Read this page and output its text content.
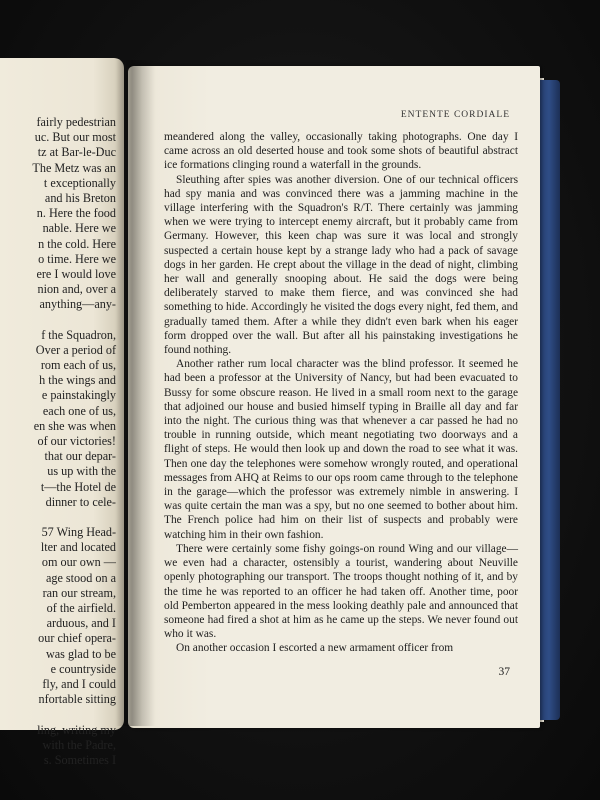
fairly pedestrian
uc. But our most
tz at Bar-le-Duc
The Metz was an
t exceptionally
and his Breton
n. Here the food
nable. Here we
n the cold. Here
o time. Here we
ere I would love
nion and, over a
anything—any-
f the Squadron,
Over a period of
rom each of us,
h the wings and
e painstakingly
each one of us,
en she was when
of our victories!
that our depar-
us up with the
t—the Hotel de
dinner to cele-
57 Wing Head-
lter and located
om our own —
age stood on a
ran our stream,
of the airfield.
arduous, and I
our chief opera-
was glad to be
e countryside
fly, and I could
nfortable sitting
ling, writing my
with the Padre,
s. Sometimes I
ENTENTE CORDIALE

meandered along the valley, occasionally taking photographs. One day I came across an old deserted house and took some shots of beautiful abstract ice formations clinging round a waterfall in the grounds.

Sleuthing after spies was another diversion. One of our technical officers had spy mania and was convinced there was a jamming machine in the village interfering with the Squadron's R/T. There certainly was jamming when we were trying to intercept enemy aircraft, but it probably came from Germany. However, this keen chap was sure it was local and strongly suspected a certain house kept by a strange lady who had a pack of savage dogs in her garden. He crept about the village in the dead of night, climbing her wall and generally snooping about. He said the dogs were being deliberately starved to make them fierce, and was convinced she had something to hide. Accordingly he visited the dogs every night, fed them, and gradually tamed them. After a while they didn't even bark when his eager form dropped over the wall. But after all his painstaking investigations he found nothing.

Another rather rum local character was the blind professor. It seemed he had been a professor at the University of Nancy, but had been evacuated to Bussy for some obscure reason. He lived in a small room next to the garage that adjoined our house and busied himself typing in Braille all day and far into the night. The curious thing was that whenever a car passed he had no trouble in running outside, which meant negotiating two doorways and a flight of steps. He would then look up and down the road to see what it was. Then one day the telephones were somehow wrongly routed, and operational messages from AHQ at Reims to our ops room came through to the telephone in the garage—which the professor was extremely nimble in answering. I was quite certain the man was a spy, but no one seemed to bother about him. The French police had him on their list of suspects and probably were watching him in their own fashion.

There were certainly some fishy goings-on round Wing and our village—we even had a character, ostensibly a tourist, wandering about Neuville openly photographing our transport. The troops thought nothing of it, and by the time he was reported to an officer he had taken off. Another time, poor old Pemberton appeared in the mess looking deathly pale and announced that someone had fired a shot at him as he came up the steps. We never found out who it was.

On another occasion I escorted a new armament officer from

37
